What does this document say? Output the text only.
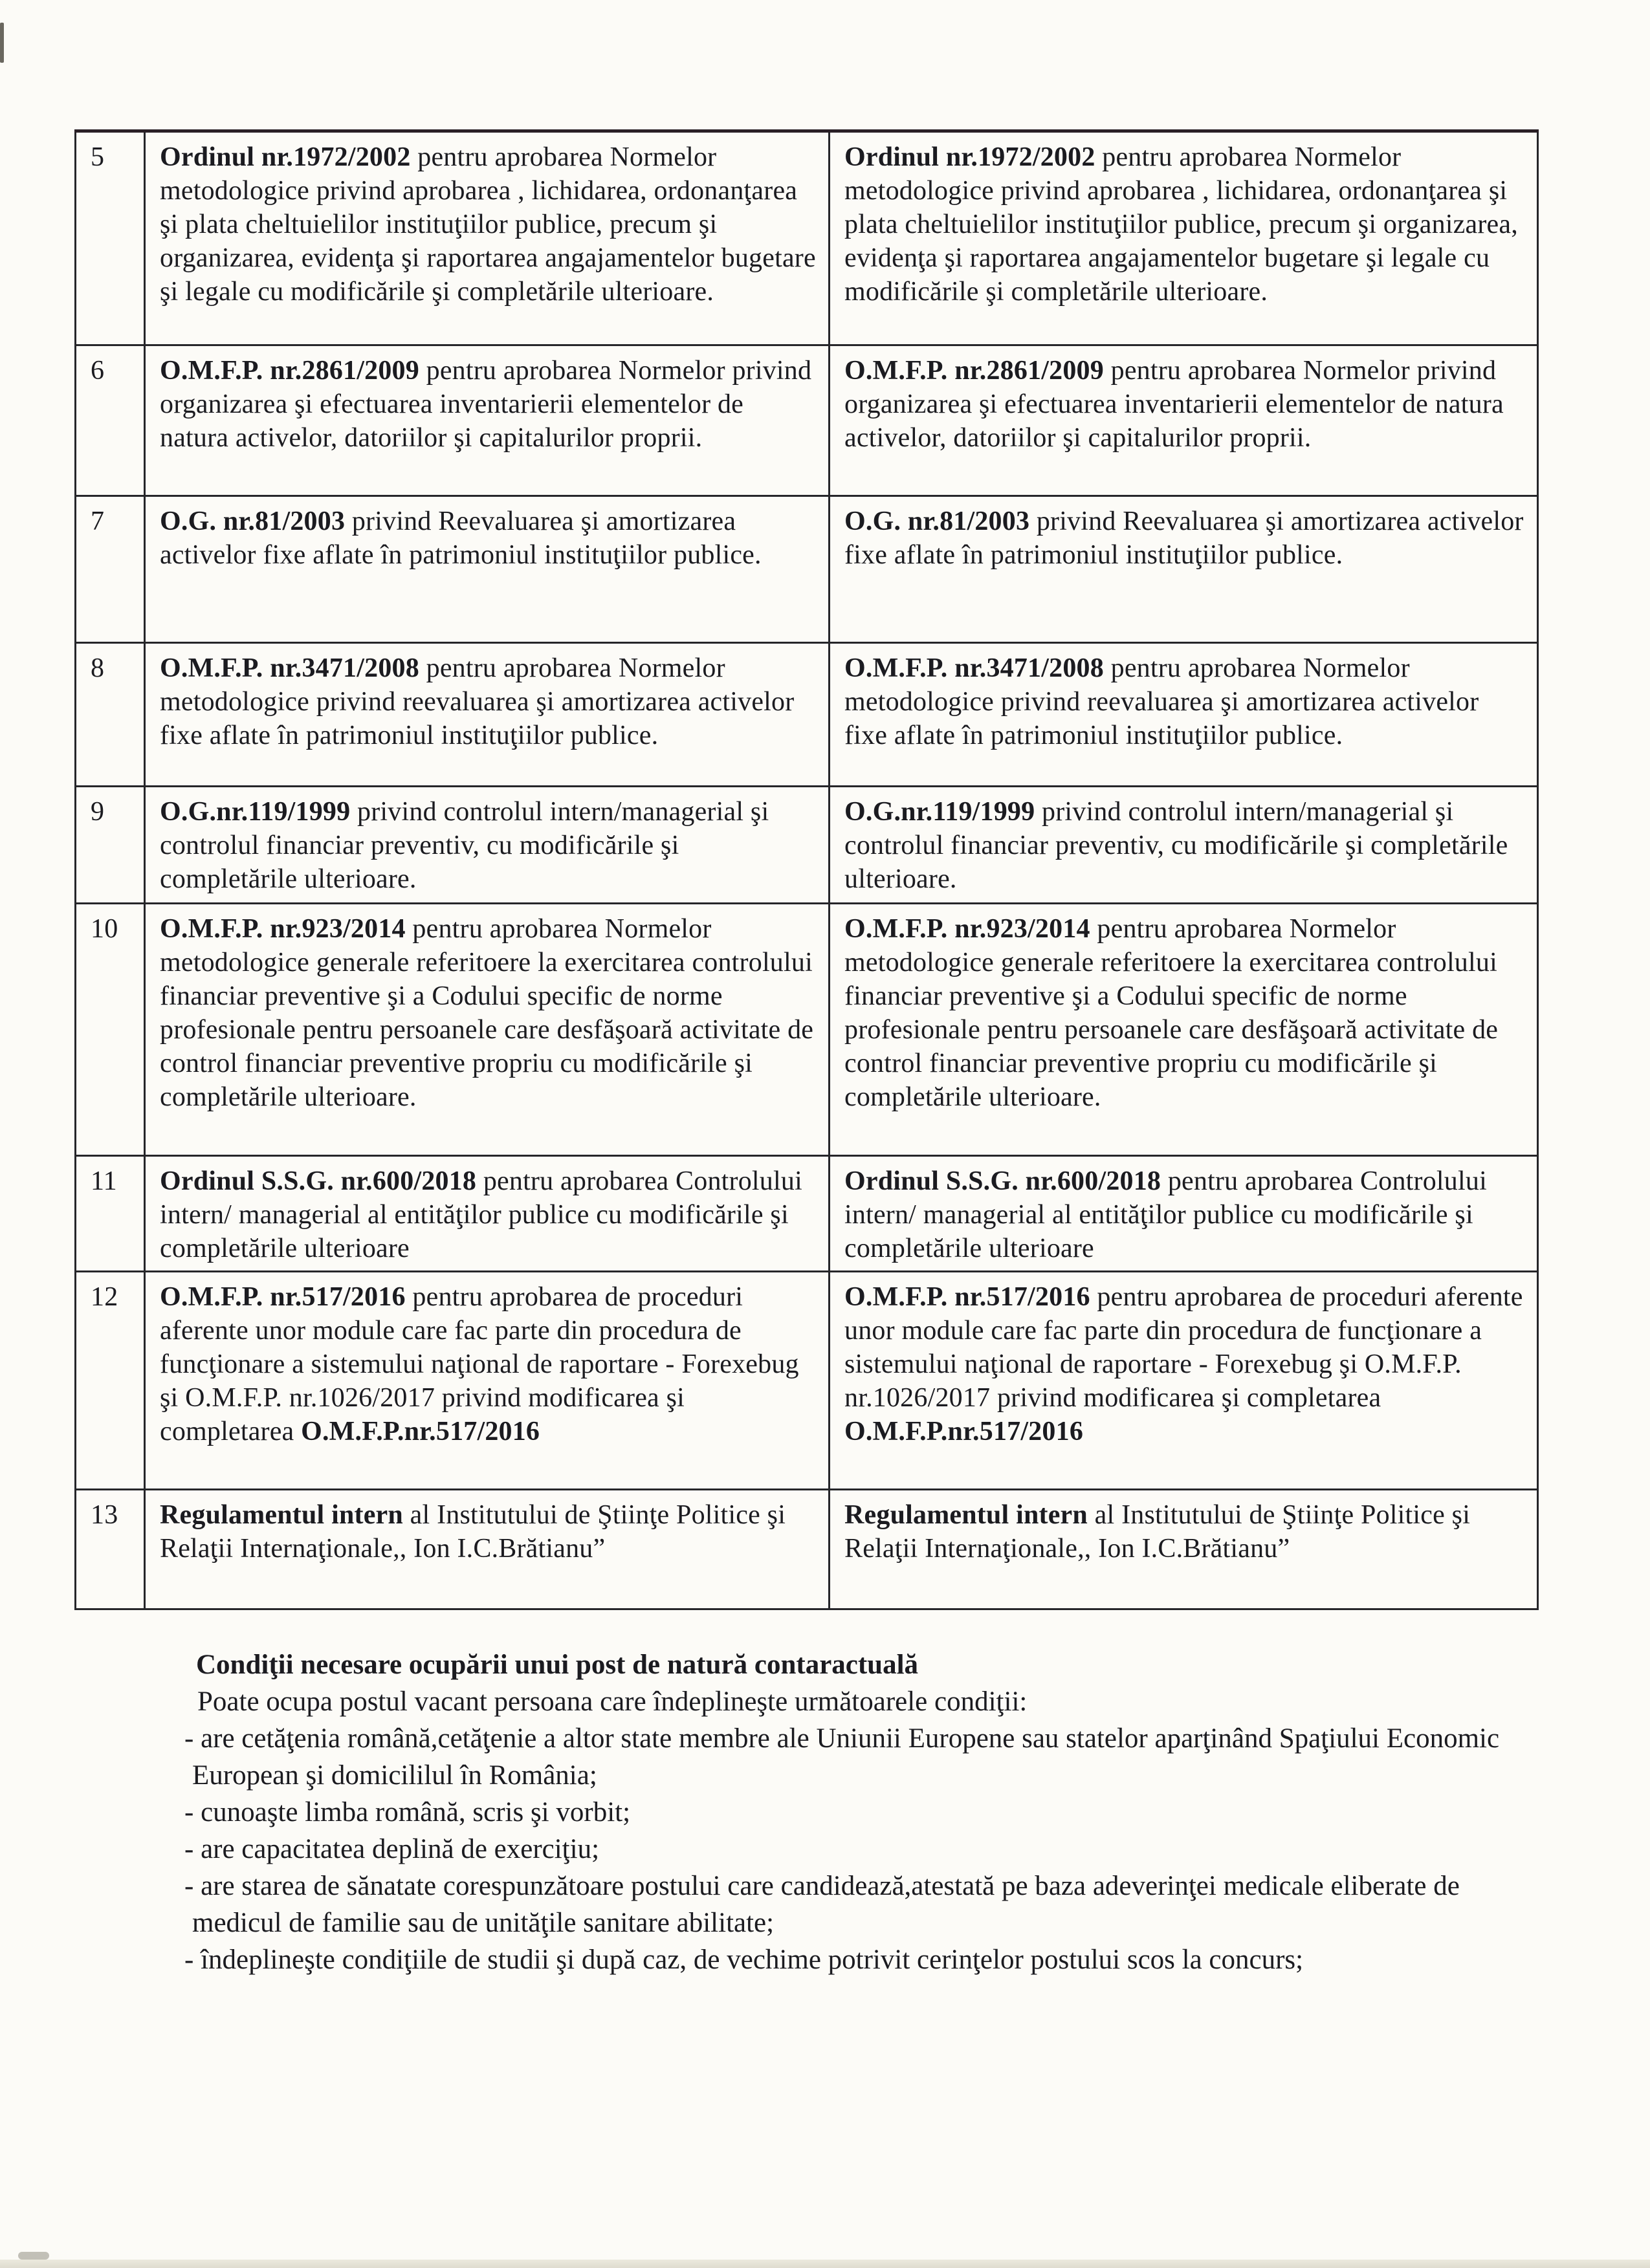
5	Ordinul nr.1972/2002 pentru aprobarea Normelor metodologice privind aprobarea , lichidarea, ordonanţarea şi plata cheltuielilor instituţiilor publice, precum şi organizarea, evidenţa şi raportarea angajamentelor bugetare şi legale cu modificările şi completările ulterioare.	Ordinul nr.1972/2002 pentru aprobarea Normelor metodologice privind aprobarea , lichidarea, ordonanţarea şi plata cheltuielilor instituţiilor publice, precum şi organizarea, evidenţa şi raportarea angajamentelor bugetare şi legale cu modificările şi completările ulterioare.
6	O.M.F.P. nr.2861/2009 pentru aprobarea Normelor privind organizarea şi efectuarea inventarierii elementelor de natura activelor, datoriilor şi capitalurilor proprii.	O.M.F.P. nr.2861/2009 pentru aprobarea Normelor privind organizarea şi efectuarea inventarierii elementelor de natura activelor, datoriilor şi capitalurilor proprii.
7	O.G. nr.81/2003 privind Reevaluarea şi amortizarea activelor fixe aflate în patrimoniul instituţiilor publice.	O.G. nr.81/2003 privind Reevaluarea şi amortizarea activelor fixe aflate în patrimoniul instituţiilor publice.
8	O.M.F.P. nr.3471/2008 pentru aprobarea Normelor metodologice privind reevaluarea şi amortizarea activelor fixe aflate în patrimoniul instituţiilor publice.	O.M.F.P. nr.3471/2008 pentru aprobarea Normelor metodologice privind reevaluarea şi amortizarea activelor fixe aflate în patrimoniul instituţiilor publice.
9	O.G.nr.119/1999 privind controlul intern/managerial şi controlul financiar preventiv, cu modificările şi completările ulterioare.	O.G.nr.119/1999 privind controlul intern/managerial şi controlul financiar preventiv, cu modificările şi completările ulterioare.
10	O.M.F.P. nr.923/2014 pentru aprobarea Normelor metodologice generale referitoere la exercitarea controlului financiar preventive şi a Codului specific de norme profesionale pentru persoanele care desfăşoară activitate de control financiar preventive propriu cu modificările şi completările ulterioare.	O.M.F.P. nr.923/2014 pentru aprobarea Normelor metodologice generale referitoere la exercitarea controlului financiar preventive şi a Codului specific de norme profesionale pentru persoanele care desfăşoară activitate de control financiar preventive propriu cu modificările şi completările ulterioare.
11	Ordinul S.S.G. nr.600/2018 pentru aprobarea Controlului intern/ managerial al entităţilor publice cu modificările şi completările ulterioare	Ordinul S.S.G. nr.600/2018 pentru aprobarea Controlului intern/ managerial al entităţilor publice cu modificările şi completările ulterioare
12	O.M.F.P. nr.517/2016 pentru aprobarea de proceduri aferente unor module care fac parte din procedura de funcţionare a sistemului naţional de raportare - Forexebug şi O.M.F.P. nr.1026/2017 privind modificarea şi completarea O.M.F.P.nr.517/2016	O.M.F.P. nr.517/2016 pentru aprobarea de proceduri aferente unor module care fac parte din procedura de funcţionare a sistemului naţional de raportare - Forexebug şi O.M.F.P. nr.1026/2017 privind modificarea şi completarea O.M.F.P.nr.517/2016
13	Regulamentul intern al Institutului de Ştiinţe Politice şi Relaţii Internaţionale,, Ion I.C.Brătianu”	Regulamentul intern al Institutului de Ştiinţe Politice şi Relaţii Internaţionale,, Ion I.C.Brătianu”

Condiţii necesare ocupării unui post de natură contaractuală

Poate ocupa postul vacant persoana care îndeplineşte următoarele condiţii:

- are cetăţenia română,cetăţenie a altor state membre ale Uniunii Europene sau statelor aparţinând Spaţiului Economic European şi domicililul în România;

- cunoaşte limba română, scris şi vorbit;

- are capacitatea deplină de exerciţiu;

- are starea de sănatate corespunzătoare postului care candidează,atestată pe baza adeverinţei medicale eliberate de medicul de familie sau de unităţile sanitare abilitate;

- îndeplineşte condiţiile de studii şi după caz, de vechime potrivit cerinţelor postului scos la concurs;
